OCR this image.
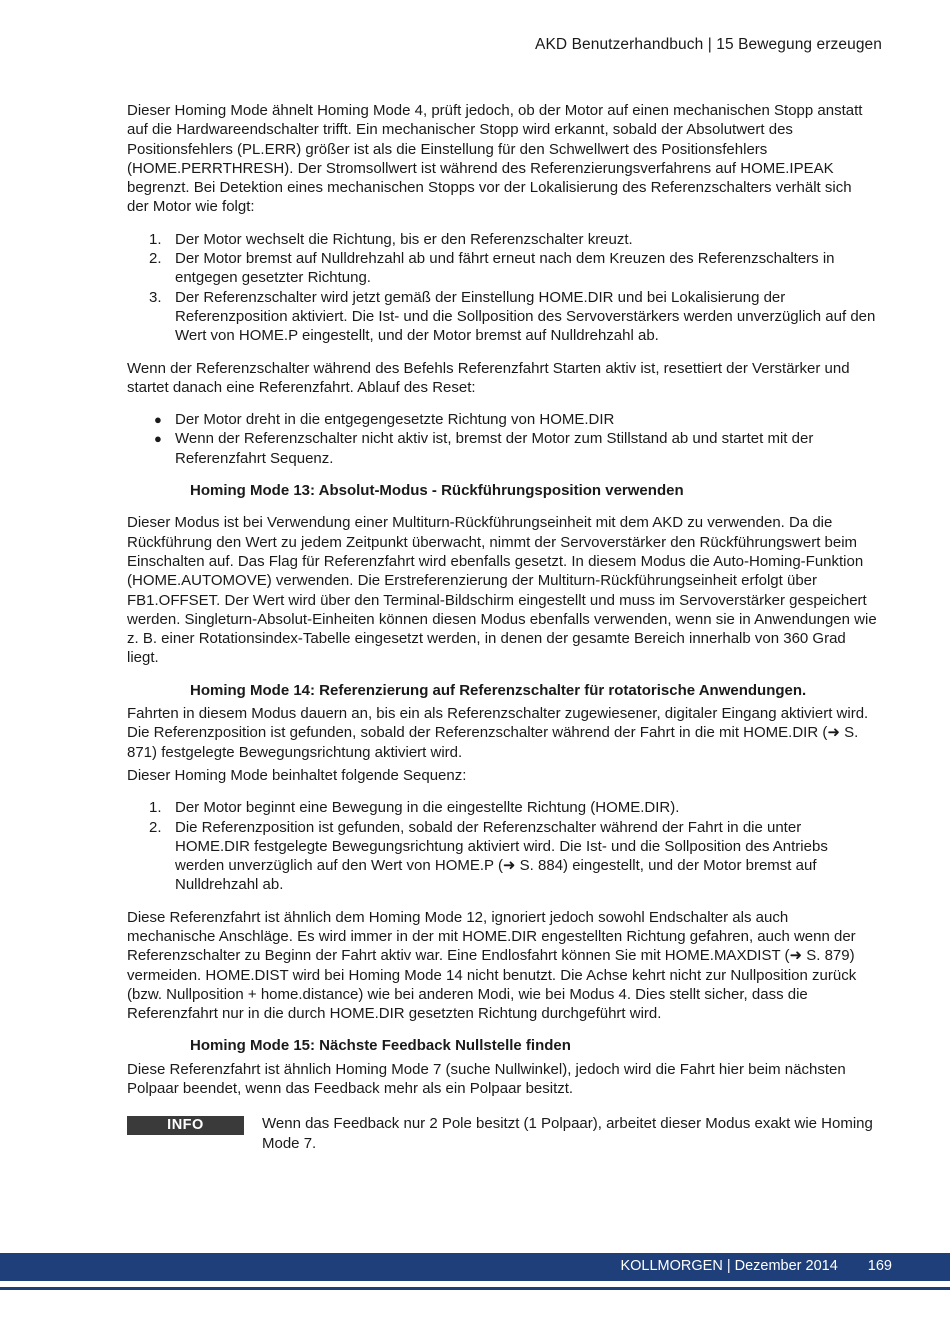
AKD Benutzerhandbuch | 15 Bewegung erzeugen

Dieser Homing Mode ähnelt Homing Mode 4, prüft jedoch, ob der Motor auf einen mechanischen Stopp anstatt auf die Hardwareendschalter trifft. Ein mechanischer Stopp wird erkannt, sobald der Absolutwert des Positionsfehlers (PL.ERR) größer ist als die Einstellung für den Schwellwert des Positionsfehlers (HOME.PERRTHRESH). Der Stromsollwert ist während des Referenzierungsverfahrens auf HOME.IPEAK begrenzt. Bei Detektion eines mechanischen Stopps vor der Lokalisierung des Referenzschalters verhält sich der Motor wie folgt:

1. Der Motor wechselt die Richtung, bis er den Referenzschalter kreuzt.
2. Der Motor bremst auf Nulldrehzahl ab und fährt erneut nach dem Kreuzen des Referenzschalters in entgegen gesetzter Richtung.
3. Der Referenzschalter wird jetzt gemäß der Einstellung HOME.DIR und bei Lokalisierung der Referenzposition aktiviert. Die Ist- und die Sollposition des Servoverstärkers werden unverzüglich auf den Wert von HOME.P eingestellt, und der Motor bremst auf Nulldrehzahl ab.

Wenn der Referenzschalter während des Befehls Referenzfahrt Starten aktiv ist, resettiert der Verstärker und startet danach eine Referenzfahrt. Ablauf des Reset:

● Der Motor dreht in die entgegengesetzte Richtung von HOME.DIR
● Wenn der Referenzschalter nicht aktiv ist, bremst der Motor zum Stillstand ab und startet mit der Referenzfahrt Sequenz.
Homing Mode 13: Absolut-Modus - Rückführungsposition verwenden

Dieser Modus ist bei Verwendung einer Multiturn-Rückführungseinheit mit dem AKD zu verwenden. Da die Rückführung den Wert zu jedem Zeitpunkt überwacht, nimmt der Servoverstärker den Rückführungswert beim Einschalten auf. Das Flag für Referenzfahrt wird ebenfalls gesetzt. In diesem Modus die Auto-Homing-Funktion (HOME.AUTOMOVE) verwenden. Die Erstreferenzierung der Multiturn-Rückführungseinheit erfolgt über FB1.OFFSET. Der Wert wird über den Terminal-Bildschirm eingestellt und muss im Servoverstärker gespeichert werden. Singleturn-Absolut-Einheiten können diesen Modus ebenfalls verwenden, wenn sie in Anwendungen wie z. B. einer Rotationsindex-Tabelle eingesetzt werden, in denen der gesamte Bereich innerhalb von 360 Grad liegt.

Homing Mode 14: Referenzierung auf Referenzschalter für rotatorische Anwendungen.

Fahrten in diesem Modus dauern an, bis ein als Referenzschalter zugewiesener, digitaler Eingang aktiviert wird. Die Referenzposition ist gefunden, sobald der Referenzschalter während der Fahrt in die mit HOME.DIR (➜ S. 871) festgelegte Bewegungsrichtung aktiviert wird.

Dieser Homing Mode beinhaltet folgende Sequenz:

1. Der Motor beginnt eine Bewegung in die eingestellte Richtung (HOME.DIR).
2. Die Referenzposition ist gefunden, sobald der Referenzschalter während der Fahrt in die unter HOME.DIR festgelegte Bewegungsrichtung aktiviert wird. Die Ist- und die Sollposition des Antriebs werden unverzüglich auf den Wert von HOME.P (➜ S. 884) eingestellt, und der Motor bremst auf Nulldrehzahl ab.

Diese Referenzfahrt ist ähnlich dem Homing Mode 12, ignoriert jedoch sowohl Endschalter als auch mechanische Anschläge. Es wird immer in der mit HOME.DIR engestellten Richtung gefahren, auch wenn der Referenzschalter zu Beginn der Fahrt aktiv war. Eine Endlosfahrt können Sie mit HOME.MAXDIST (➜ S. 879) vermeiden. HOME.DIST wird bei Homing Mode 14 nicht benutzt. Die Achse kehrt nicht zur Nullposition zurück (bzw. Nullposition + home.distance) wie bei anderen Modi, wie bei Modus 4. Dies stellt sicher, dass die Referenzfahrt nur in die durch HOME.DIR gesetzten Richtung durchgeführt wird.

Homing Mode 15: Nächste Feedback Nullstelle finden

Diese Referenzfahrt ist ähnlich Homing Mode 7 (suche Nullwinkel), jedoch wird die Fahrt hier beim nächsten Polpaar beendet, wenn das Feedback mehr als ein Polpaar besitzt.

INFO	Wenn das Feedback nur 2 Pole besitzt (1 Polpaar), arbeitet dieser Modus exakt wie Homing Mode 7.
KOLLMORGEN | Dezember 2014 169
